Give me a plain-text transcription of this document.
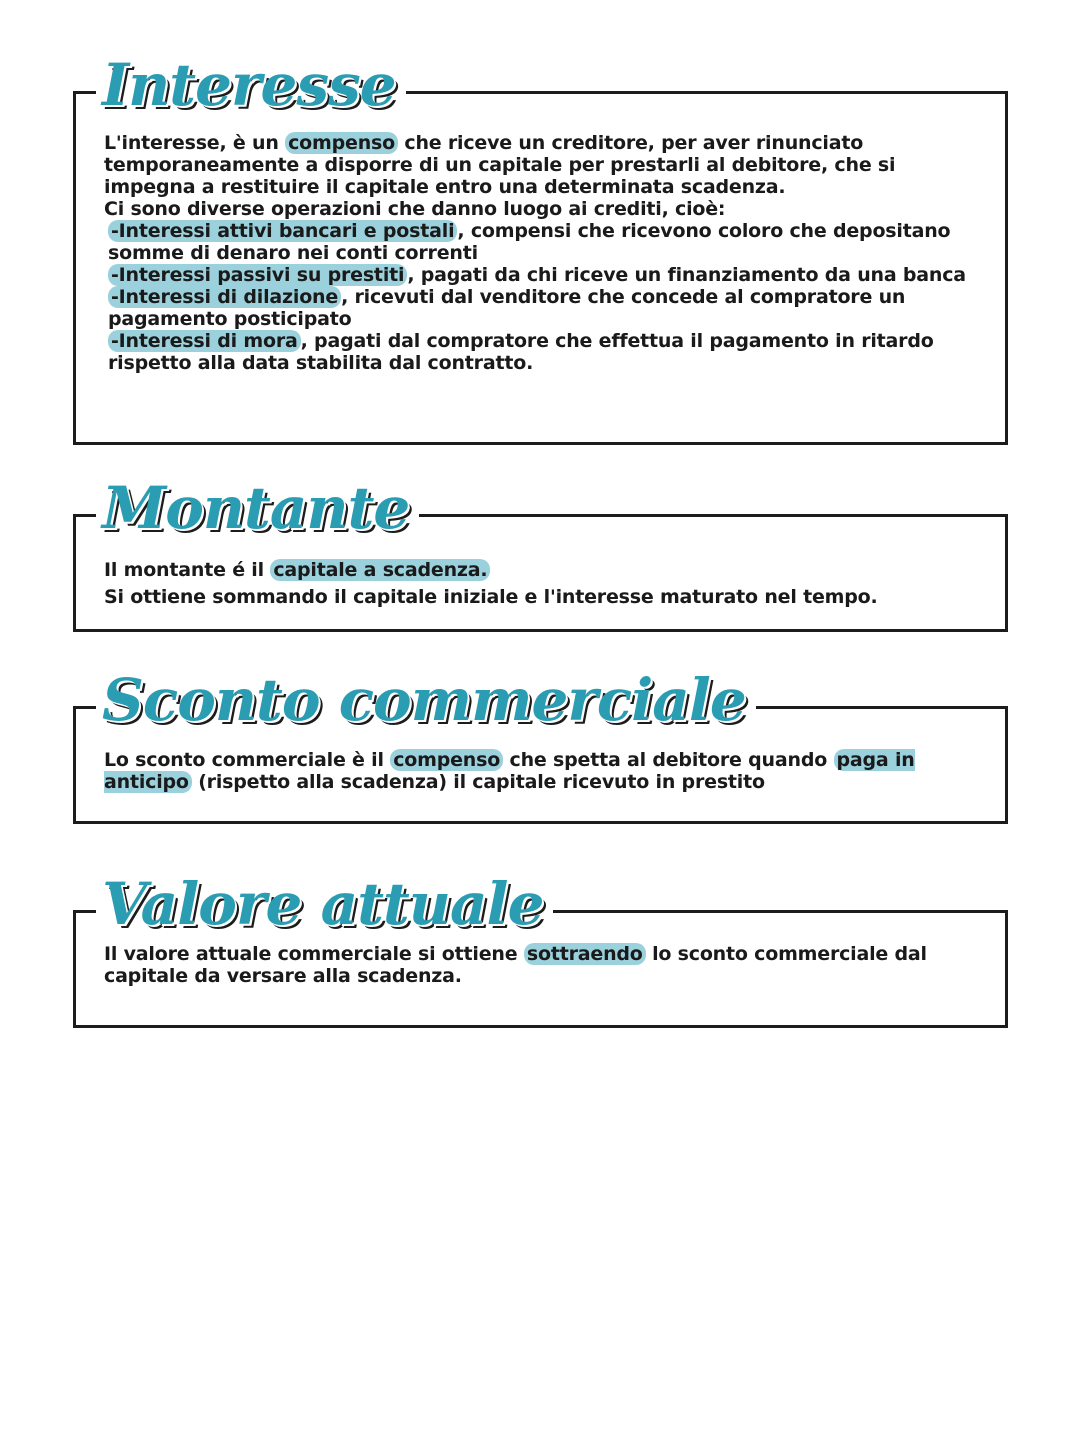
Interesse

L'interesse, è un compenso che riceve un creditore, per aver rinunciato temporaneamente a disporre di un capitale per prestarli al debitore, che si impegna a restituire il capitale entro una determinata scadenza.

Ci sono diverse operazioni che danno luogo ai crediti, cioè:

-Interessi attivi bancari e postali , compensi che ricevono coloro che depositano somme di denaro nei conti correnti

-Interessi passivi su prestiti , pagati da chi riceve un finanziamento da una banca

-Interessi di dilazione , ricevuti dal venditore che concede al compratore un pagamento posticipato

-Interessi di mora , pagati dal compratore che effettua il pagamento in ritardo rispetto alla data stabilita dal contratto.

Montante

Il montante é il capitale a scadenza.

Si ottiene sommando il capitale iniziale e l'interesse maturato nel tempo.

Sconto commerciale

Lo sconto commerciale è il compenso che spetta al debitore quando paga in anticipo (rispetto alla scadenza) il capitale ricevuto in prestito

Valore attuale

Il valore attuale commerciale si ottiene sottraendo lo sconto commerciale dal capitale da versare alla scadenza.
